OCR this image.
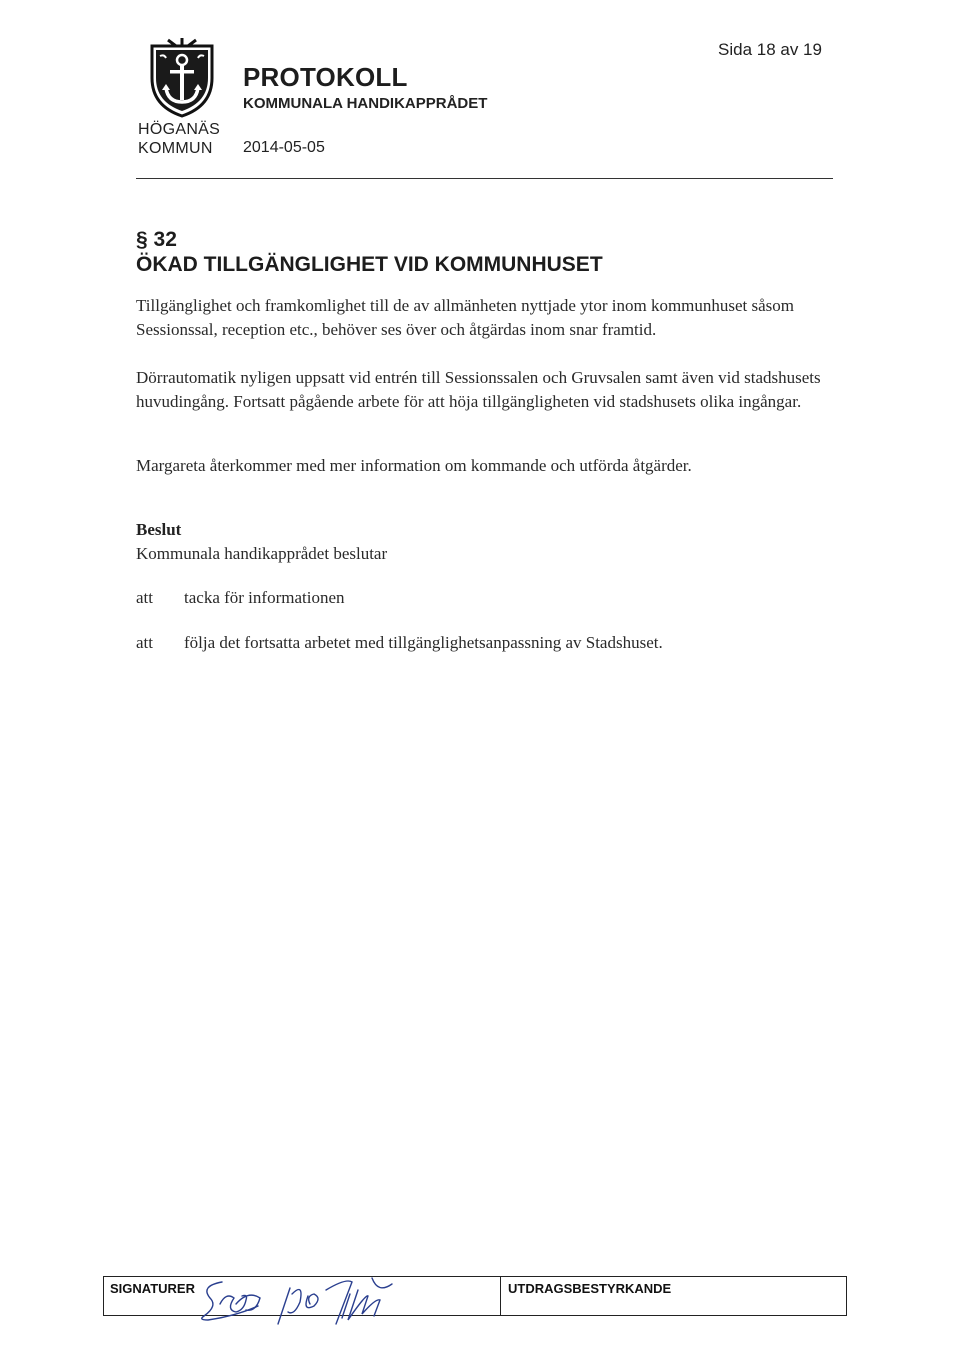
HÖGANÄS
KOMMUN
PROTOKOLL
KOMMUNALA HANDIKAPPRÅDET
2014-05-05
Sida 18 av 19
§ 32
ÖKAD TILLGÄNGLIGHET VID KOMMUNHUSET

Tillgänglighet och framkomlighet till de av allmänheten nyttjade ytor inom kommunhuset såsom Sessionssal, reception etc., behöver ses över och åtgärdas inom snar framtid.

Dörrautomatik nyligen uppsatt vid entrén till Sessionssalen och Gruvsalen samt även vid stadshusets huvudingång. Fortsatt pågående arbete för att höja tillgängligheten vid stadshusets olika ingångar.

Margareta återkommer med mer information om kommande och utförda åtgärder.

Beslut
Kommunala handikapprådet beslutar
att tacka för informationen
att följa det fortsatta arbetet med tillgänglighetsanpassning av Stadshuset.
SIGNATURER	UTDRAGSBESTYRKANDE
